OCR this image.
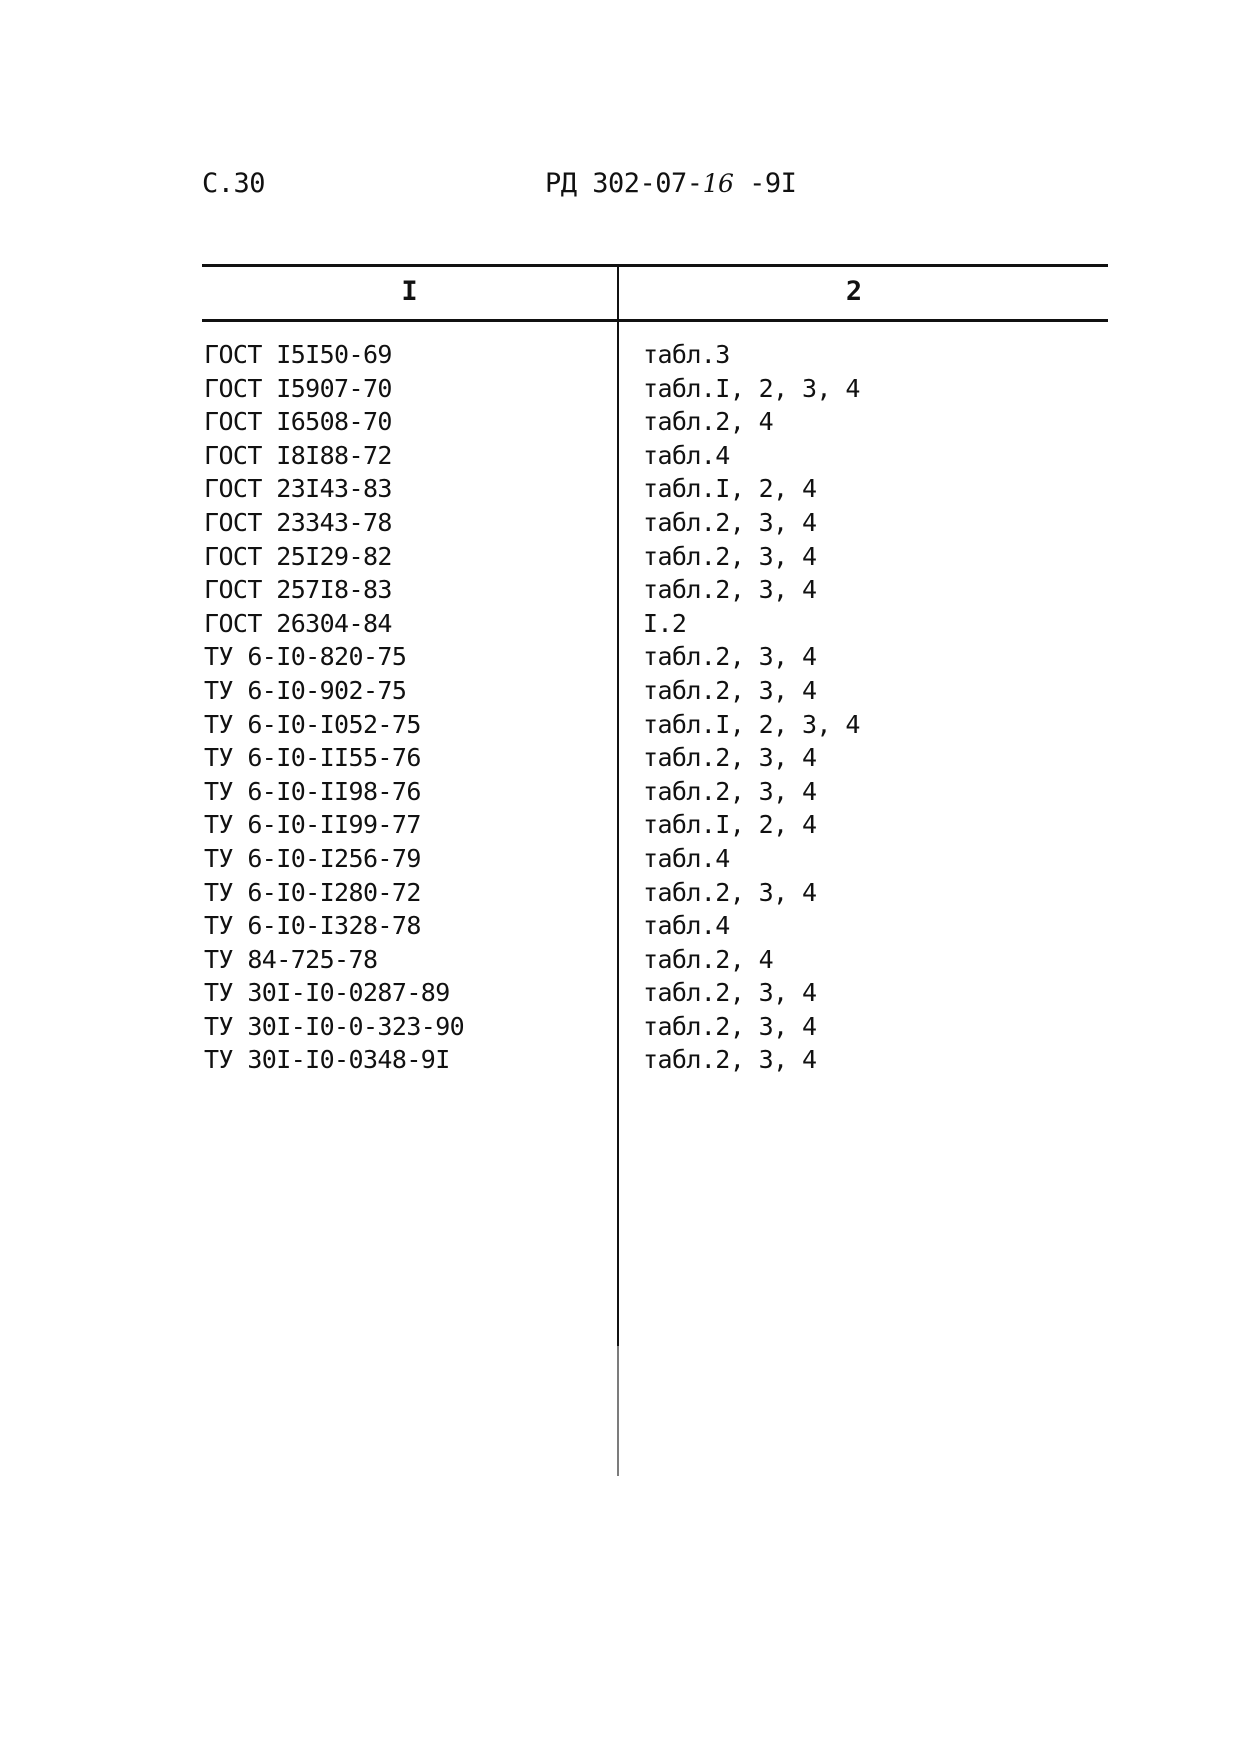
С.30	РД 302-07-16 -9I
I	2
ГОСТ I5I50-69	табл.3
ГОСТ I5907-70	табл.I, 2, 3, 4
ГОСТ I6508-70	табл.2, 4
ГОСТ I8I88-72	табл.4
ГОСТ 23I43-83	табл.I, 2, 4
ГОСТ 23343-78	табл.2, 3, 4
ГОСТ 25I29-82	табл.2, 3, 4
ГОСТ 257I8-83	табл.2, 3, 4
ГОСТ 26304-84	I.2
ТУ 6-I0-820-75	табл.2, 3, 4
ТУ 6-I0-902-75	табл.2, 3, 4
ТУ 6-I0-I052-75	табл.I, 2, 3, 4
ТУ 6-I0-II55-76	табл.2, 3, 4
ТУ 6-I0-II98-76	табл.2, 3, 4
ТУ 6-I0-II99-77	табл.I, 2, 4
ТУ 6-I0-I256-79	табл.4
ТУ 6-I0-I280-72	табл.2, 3, 4
ТУ 6-I0-I328-78	табл.4
ТУ 84-725-78	табл.2, 4
ТУ 30I-I0-0287-89	табл.2, 3, 4
ТУ 30I-I0-0-323-90	табл.2, 3, 4
ТУ 30I-I0-0348-9I	табл.2, 3, 4
